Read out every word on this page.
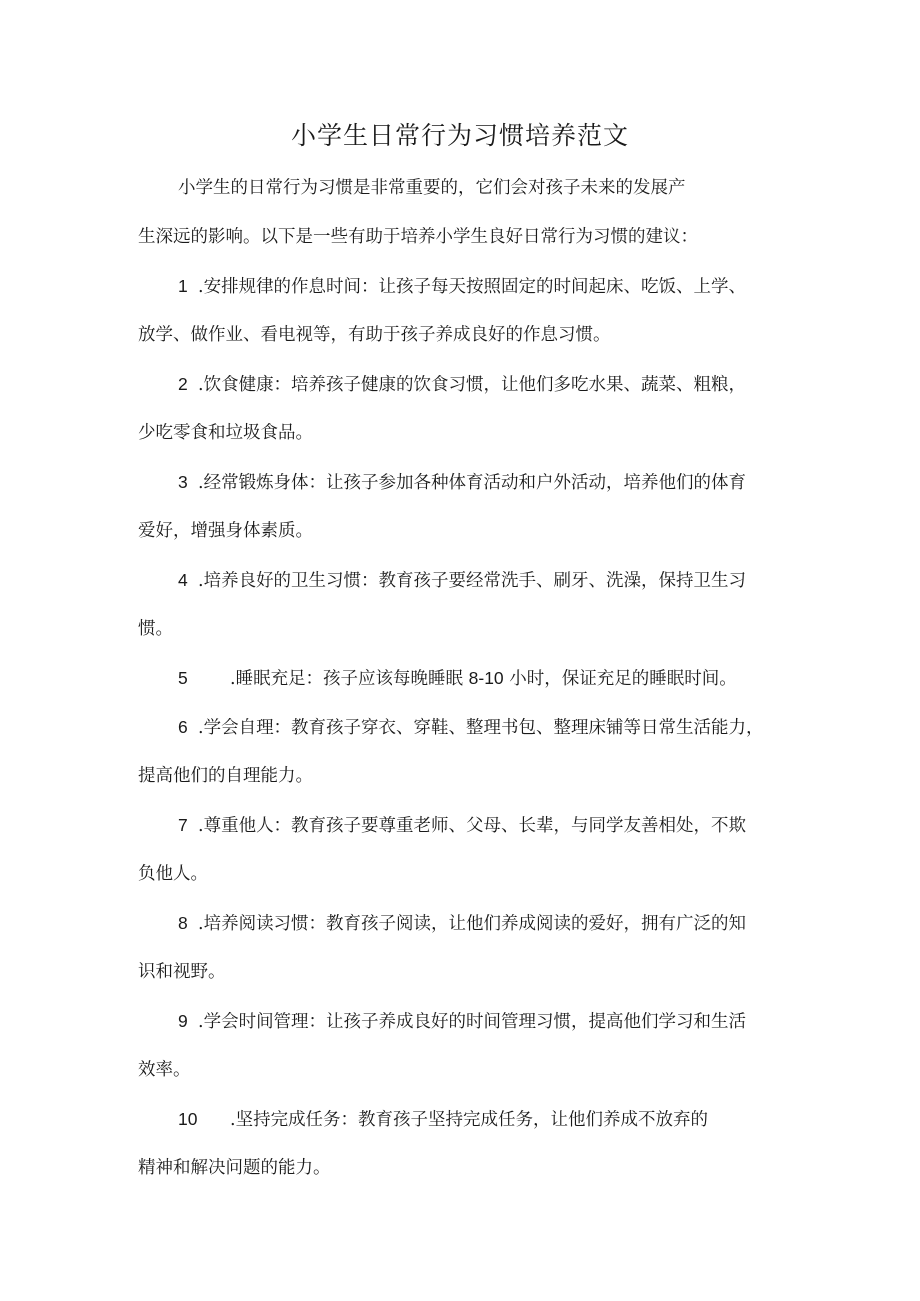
小学生日常行为习惯培养范文
小学生的日常行为习惯是非常重要的，它们会对孩子未来的发展产
生深远的影响。以下是一些有助于培养小学生良好日常行为习惯的建议：
1 .安排规律的作息时间：让孩子每天按照固定的时间起床、吃饭、上学、
放学、做作业、看电视等，有助于孩子养成良好的作息习惯。
2 .饮食健康：培养孩子健康的饮食习惯，让他们多吃水果、蔬菜、粗粮，
少吃零食和垃圾食品。
3 .经常锻炼身体：让孩子参加各种体育活动和户外活动，培养他们的体育
爱好，增强身体素质。
4 .培养良好的卫生习惯：教育孩子要经常洗手、刷牙、洗澡，保持卫生习
惯。
5 .睡眠充足：孩子应该每晚睡眠 8-10 小时，保证充足的睡眠时间。
6 .学会自理：教育孩子穿衣、穿鞋、整理书包、整理床铺等日常生活能力，
提高他们的自理能力。
7 .尊重他人：教育孩子要尊重老师、父母、长辈，与同学友善相处，不欺
负他人。
8 .培养阅读习惯：教育孩子阅读，让他们养成阅读的爱好，拥有广泛的知
识和视野。
9 .学会时间管理：让孩子养成良好的时间管理习惯，提高他们学习和生活
效率。
10 .坚持完成任务：教育孩子坚持完成任务，让他们养成不放弃的
精神和解决问题的能力。
